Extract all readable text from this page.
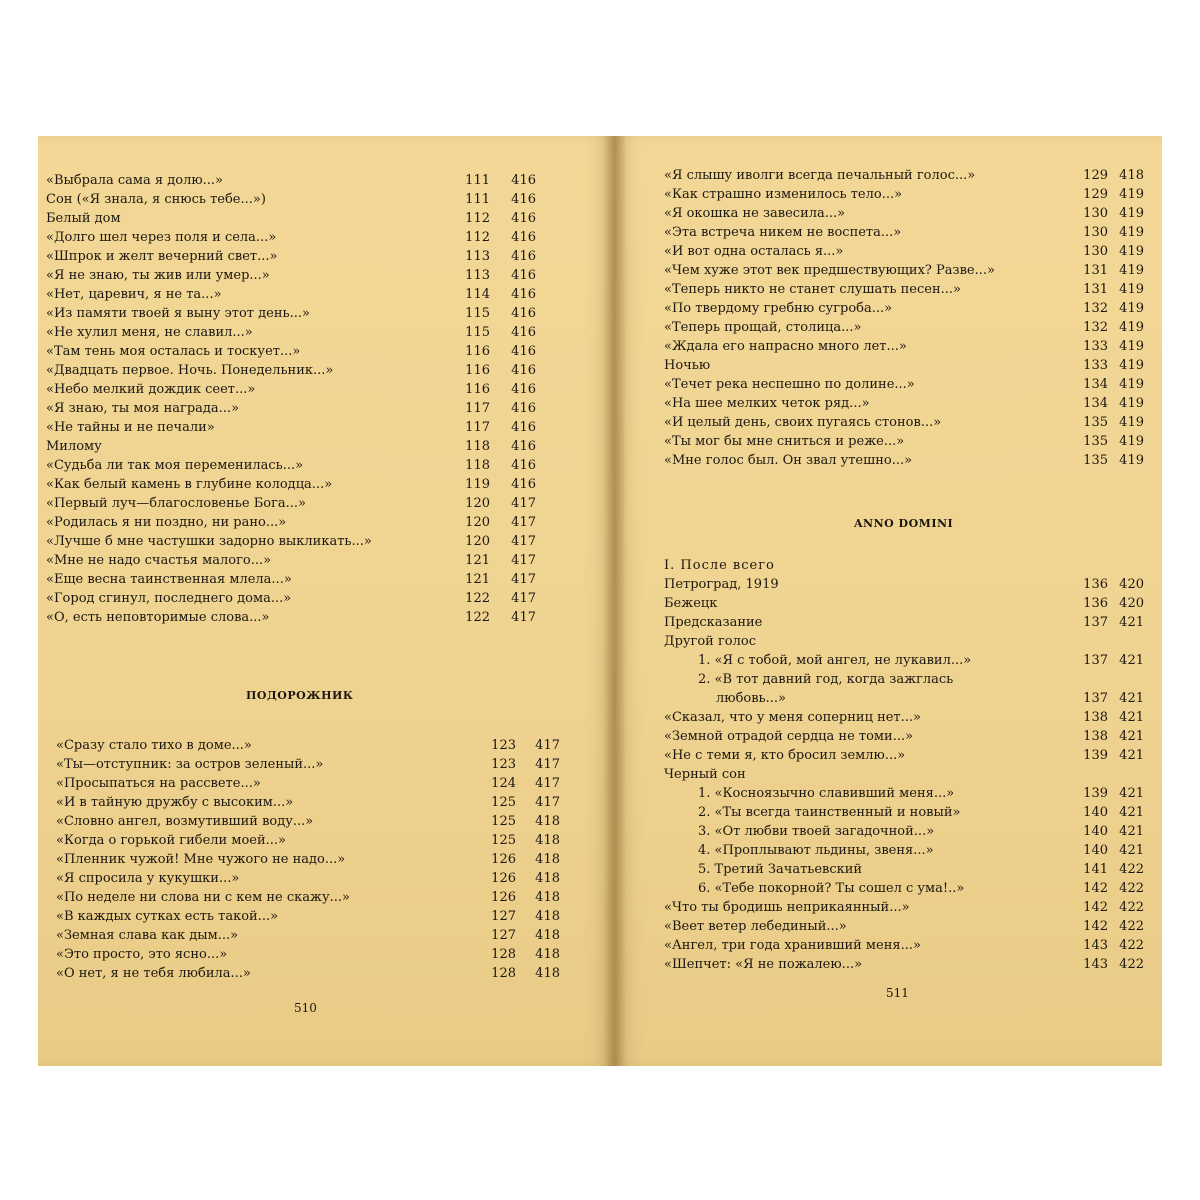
«Выбрала сама я долю...»	111	416
Сон («Я знала, я снюсь тебе...»)	111	416
Белый дом	112	416
«Долго шел через поля и села...»	112	416
«Шпрок и желт вечерний свет...»	113	416
«Я не знаю, ты жив или умер...»	113	416
«Нет, царевич, я не та...»	114	416
«Из памяти твоей я выну этот день...»	115	416
«Не хулил меня, не славил...»	115	416
«Там тень моя осталась и тоскует...»	116	416
«Двадцать первое. Ночь. Понедельник...»	116	416
«Небо мелкий дождик сеет...»	116	416
«Я знаю, ты моя награда...»	117	416
«Не тайны и не печали»	117	416
Милому	118	416
«Судьба ли так моя переменилась...»	118	416
«Как белый камень в глубине колодца...»	119	416
«Первый луч—благословенье Бога...»	120	417
«Родилась я ни поздно, ни рано...»	120	417
«Лучше б мне частушки задорно выкликать...»	120	417
«Мне не надо счастья малого...»	121	417
«Еще весна таинственная млела...»	121	417
«Город сгинул, последнего дома...»	122	417
«О, есть неповторимые слова...»	122	417
ПОДОРОЖНИК
«Сразу стало тихо в доме...»	123	417
«Ты—отступник: за остров зеленый...»	123	417
«Просыпаться на рассвете...»	124	417
«И в тайную дружбу с высоким...»	125	417
«Словно ангел, возмутивший воду...»	125	418
«Когда о горькой гибели моей...»	125	418
«Пленник чужой! Мне чужого не надо...»	126	418
«Я спросила у кукушки...»	126	418
«По неделе ни слова ни с кем не скажу...»	126	418
«В каждых сутках есть такой...»	127	418
«Земная слава как дым...»	127	418
«Это просто, это ясно...»	128	418
«О нет, я не тебя любила...»	128	418
510
«Я слышу иволги всегда печальный голос...»	129 418
«Как страшно изменилось тело...»	129 419
«Я окошка не завесила...»	130 419
«Эта встреча никем не воспета...»	130 419
«И вот одна осталась я...»	130 419
«Чем хуже этот век предшествующих? Разве...»	131 419
«Теперь никто не станет слушать песен...»	131 419
«По твердому гребню сугроба...»	132 419
«Теперь прощай, столица...»	132 419
«Ждала его напрасно много лет...»	133 419
Ночью	133 419
«Течет река неспешно по долине...»	134 419
«На шее мелких четок ряд...»	134 419
«И целый день, своих пугаясь стонов...»	135 419
«Ты мог бы мне сниться и реже...»	135 419
«Мне голос был. Он звал утешно...»	135 419
ANNO DOMINI
I. После всего
Петроград, 1919	136 420
Бежецк	136 420
Предсказание	137 421
Другой голос
1. «Я с тобой, мой ангел, не лукавил...»	137 421
2. «В тот давний год, когда зажглась
любовь...»	137 421
«Сказал, что у меня соперниц нет...»	138 421
«Земной отрадой сердца не томи...»	138 421
«Не с теми я, кто бросил землю...»	139 421
Черный сон
1. «Косноязычно славивший меня...»	139 421
2. «Ты всегда таинственный и новый»	140 421
3. «От любви твоей загадочной...»	140 421
4. «Проплывают льдины, звеня...»	140 421
5. Третий Зачатьевский	141 422
6. «Тебе покорной? Ты сошел с ума!..»	142 422
«Что ты бродишь неприкаянный...»	142 422
«Веет ветер лебединый...»	142 422
«Ангел, три года хранивший меня...»	143 422
«Шепчет: «Я не пожалею...»	143 422
511
